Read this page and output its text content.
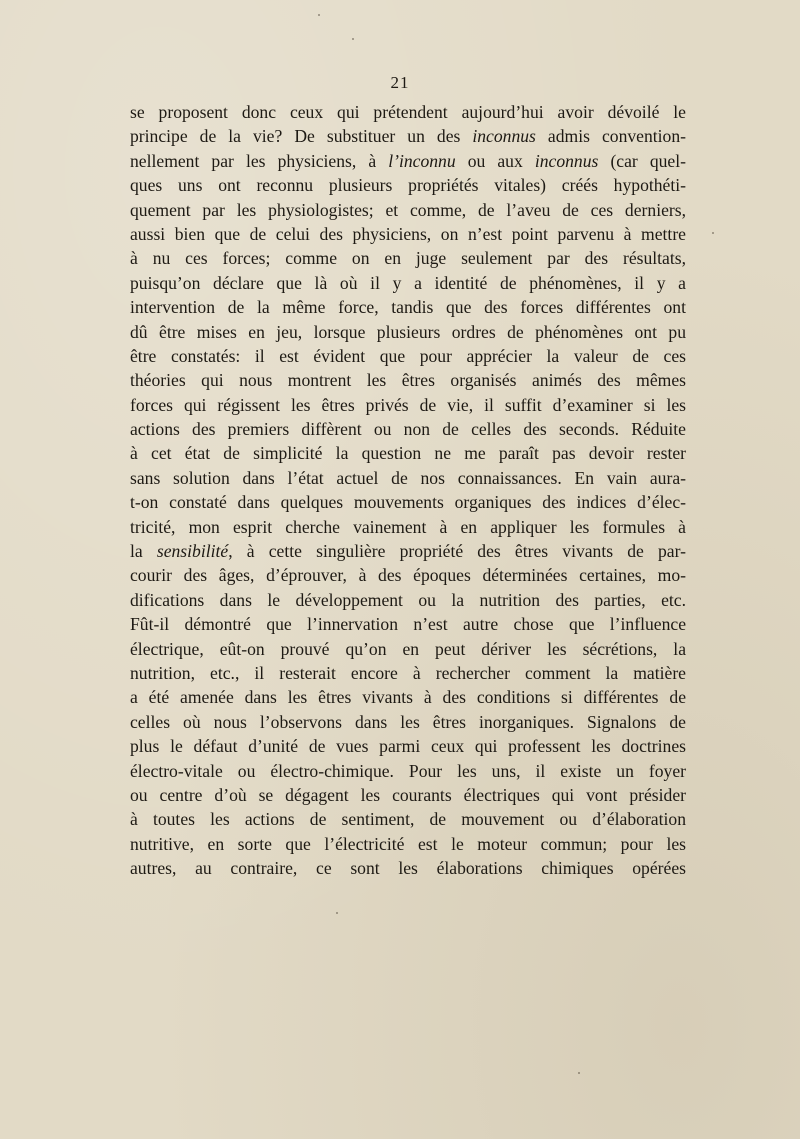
21
se proposent donc ceux qui prétendent aujourd’hui avoir dévoilé le
principe de la vie? De substituer un des inconnus admis convention-
nellement par les physiciens, à l’inconnu ou aux inconnus (car quel-
ques uns ont reconnu plusieurs propriétés vitales) créés hypothéti-
quement par les physiologistes; et comme, de l’aveu de ces derniers,
aussi bien que de celui des physiciens, on n’est point parvenu à mettre
à nu ces forces; comme on en juge seulement par des résultats,
puisqu’on déclare que là où il y a identité de phénomènes, il y a
intervention de la même force, tandis que des forces différentes ont
dû être mises en jeu, lorsque plusieurs ordres de phénomènes ont pu
être constatés: il est évident que pour apprécier la valeur de ces
théories qui nous montrent les êtres organisés animés des mêmes
forces qui régissent les êtres privés de vie, il suffit d’examiner si les
actions des premiers diffèrent ou non de celles des seconds. Réduite
à cet état de simplicité la question ne me paraît pas devoir rester
sans solution dans l’état actuel de nos connaissances. En vain aura-
t-on constaté dans quelques mouvements organiques des indices d’élec-
tricité, mon esprit cherche vainement à en appliquer les formules à
la sensibilité, à cette singulière propriété des êtres vivants de par-
courir des âges, d’éprouver, à des époques déterminées certaines, mo-
difications dans le développement ou la nutrition des parties, etc.
Fût-il démontré que l’innervation n’est autre chose que l’influence
électrique, eût-on prouvé qu’on en peut dériver les sécrétions, la
nutrition, etc., il resterait encore à rechercher comment la matière
a été amenée dans les êtres vivants à des conditions si différentes de
celles où nous l’observons dans les êtres inorganiques. Signalons de
plus le défaut d’unité de vues parmi ceux qui professent les doctrines
électro-vitale ou électro-chimique. Pour les uns, il existe un foyer
ou centre d’où se dégagent les courants électriques qui vont présider
à toutes les actions de sentiment, de mouvement ou d’élaboration
nutritive, en sorte que l’électricité est le moteur commun; pour les
autres, au contraire, ce sont les élaborations chimiques opérées
